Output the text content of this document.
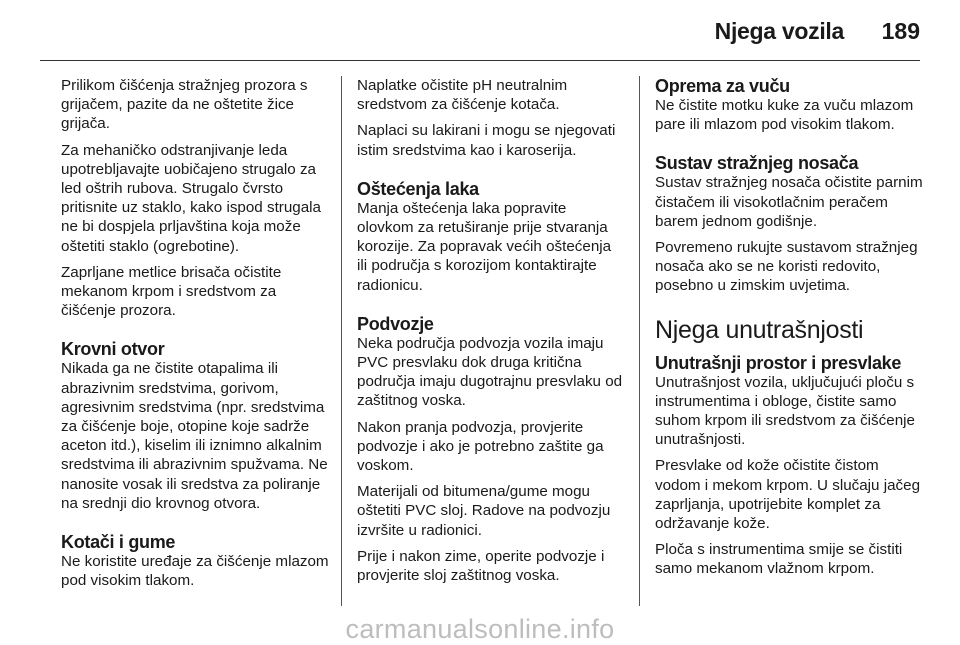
Njega vozila 189

Prilikom čišćenja stražnjeg prozora s grijačem, pazite da ne oštetite žice grijača.

Za mehaničko odstranjivanje leda upotrebljavajte uobičajeno strugalo za led oštrih rubova. Strugalo čvrsto pritisnite uz staklo, kako ispod strugala ne bi dospjela prljavština koja može oštetiti staklo (ogrebotine).

Zaprljane metlice brisača očistite mekanom krpom i sredstvom za čišćenje prozora.

Krovni otvor

Nikada ga ne čistite otapalima ili abrazivnim sredstvima, gorivom, agresivnim sredstvima (npr. sredstvima za čišćenje boje, otopine koje sadrže aceton itd.), kiselim ili iznimno alkalnim sredstvima ili abrazivnim spužvama. Ne nanosite vosak ili sredstva za poliranje na srednji dio krovnog otvora.

Kotači i gume

Ne koristite uređaje za čišćenje mlazom pod visokim tlakom.

Naplatke očistite pH neutralnim sredstvom za čišćenje kotača.

Naplaci su lakirani i mogu se njegovati istim sredstvima kao i karoserija.

Oštećenja laka

Manja oštećenja laka popravite olovkom za retuširanje prije stvaranja korozije. Za popravak većih oštećenja ili područja s korozijom kontaktirajte radionicu.

Podvozje

Neka područja podvozja vozila imaju PVC presvlaku dok druga kritična područja imaju dugotrajnu presvlaku od zaštitnog voska.

Nakon pranja podvozja, provjerite podvozje i ako je potrebno zaštite ga voskom.

Materijali od bitumena/gume mogu oštetiti PVC sloj. Radove na podvozju izvršite u radionici.

Prije i nakon zime, operite podvozje i provjerite sloj zaštitnog voska.

Oprema za vuču

Ne čistite motku kuke za vuču mlazom pare ili mlazom pod visokim tlakom.

Sustav stražnjeg nosača

Sustav stražnjeg nosača očistite parnim čistačem ili visokotlačnim peračem barem jednom godišnje.

Povremeno rukujte sustavom stražnjeg nosača ako se ne koristi redovito, posebno u zimskim uvjetima.

Njega unutrašnjosti
Unutrašnji prostor i presvlake

Unutrašnjost vozila, uključujući ploču s instrumentima i obloge, čistite samo suhom krpom ili sredstvom za čišćenje unutrašnjosti.

Presvlake od kože očistite čistom vodom i mekom krpom. U slučaju jačeg zaprljanja, upotrijebite komplet za održavanje kože.

Ploča s instrumentima smije se čistiti samo mekanom vlažnom krpom.

carmanualsonline.info
